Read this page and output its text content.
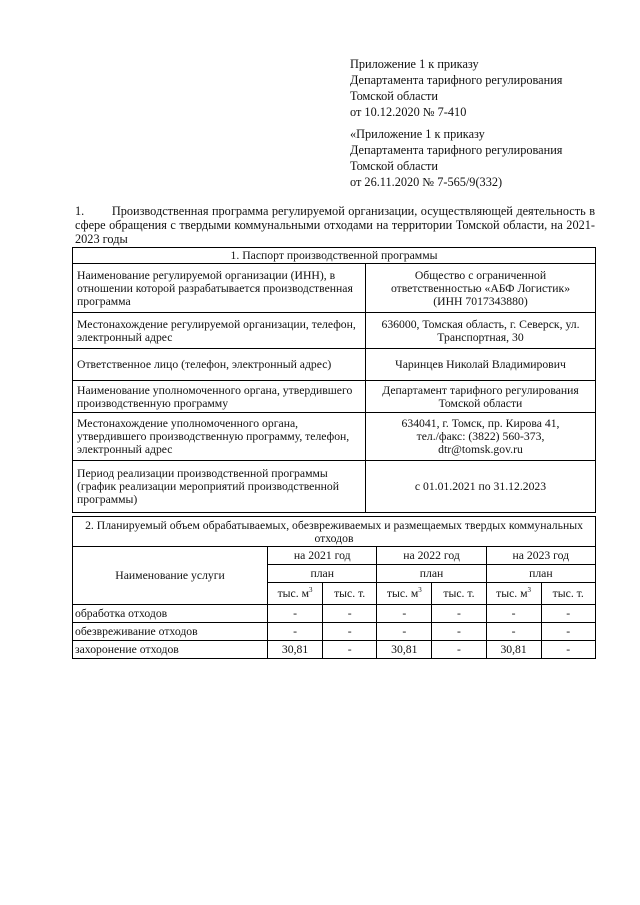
Приложение 1 к приказу
Департамента тарифного регулирования
Томской области
от 10.12.2020 № 7-410
«Приложение 1 к приказу
Департамента тарифного регулирования
Томской области
от 26.11.2020 № 7-565/9(332)
1.        Производственная программа регулируемой организации, осуществляющей деятельность в сфере обращения с твердыми коммунальными отходами на территории Томской области, на 2021- 2023 годы
1. Паспорт производственной программы	
Наименование регулируемой организации (ИНН), в отношении которой разрабатывается производственная программа	Общество с ограниченной
ответственностью «АБФ Логистик»
(ИНН 7017343880)

Местонахождение регулируемой организации, телефон, электронный адрес	636000, Томская область, г. Северск, ул.
Транспортная, 30

Ответственное лицо (телефон, электронный адрес)	Чаринцев Николай Владимирович

Наименование уполномоченного органа, утвердившего производственную программу	Департамент тарифного регулирования
Томской области

Местонахождение уполномоченного органа, утвердившего производственную программу, телефон, электронный адрес	634041, г. Томск, пр. Кирова 41,
тел./факс: (3822) 560-373,
dtr@tomsk.gov.ru

Период реализации производственной программы (график реализации мероприятий производственной программы)	с 01.01.2021 по 31.12.2023
2. Планируемый объем обрабатываемых, обезвреживаемых и размещаемых твердых коммунальных отходов						
Наименование услуги	на 2021 год		на 2022 год		на 2023 год	
	план		план		план	
	тыс. $м^3$	тыс. т.	тыс. $м^3$	тыс. т.	тыс. $м^3$	тыс. т.
обработка отходов	-	-	-	-	-	-
обезвреживание отходов	-	-	-	-	-	-
захоронение отходов	30,81	-	30,81	-	30,81	-
